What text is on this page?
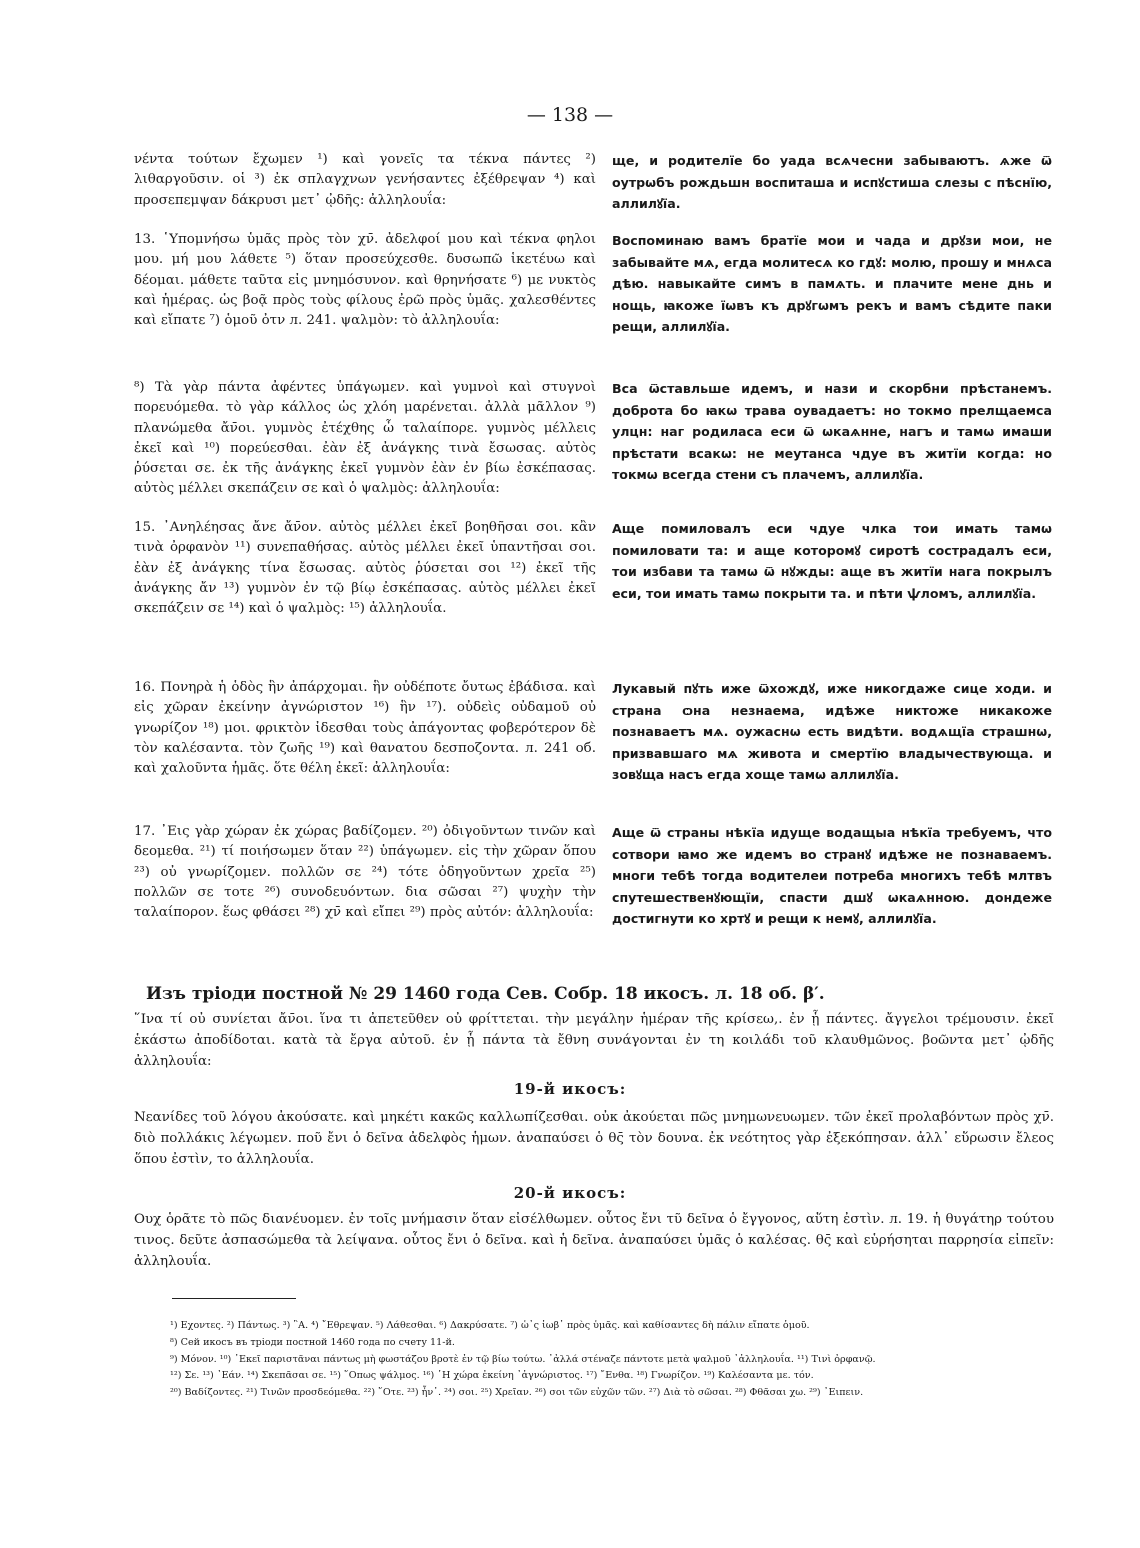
— 138 —

νέντα τούτων ἔχωμεν ¹) καὶ γονεῖς τα τέκνα πάντες ²) λιθαργοῦσιν. οἱ ³) ἐκ σπλαγχνων γενήσαντες ἐξέθρεψαν ⁴) καὶ προσεπεμψαν δάκρυσι μετ᾽ ᾠδῆς: ἀλληλουΐα:

13. ῾Υπομνήσω ὑμᾶς πρὸς τὸν χν̄. ἀδελφοί μου καὶ τέκνα φηλοι μου. μή μου λάθετε ⁵) ὅταν προσεύχεσθε. δυσωπῶ ἱκετέυω καὶ δέομαι. μάθετε ταῦτα εἰς μνημόσυνον. καὶ θρηνήσατε ⁶) με νυκτὸς καὶ ἡμέρας. ὡς βοᾷ πρὸς τοὺς φίλους ἐρῶ πρὸς ὑμᾶς. χαλεσθέντες καὶ εἴπατε ⁷) ὁμοῦ ὀτν л. 241. ψαλμὸν: τὸ ἀλληλουΐα:

⁸) Τὰ γὰρ πάντα ἀφέντες ὑπάγωμεν. καὶ γυμνοὶ καὶ στυγνοὶ πορευόμεθα. τὸ γὰρ κάλλος ὡς χλόη μαρένεται. ἀλλὰ μᾶλλον ⁹) πλανώμεθα ἄν̄οι. γυμνὸς ἐτέχθης ὦ ταλαίπορε. γυμνὸς μέλλεις ἐκεῖ καὶ ¹⁰) πορεύεσθαι. ἐὰν ἐξ ἀνάγκης τινὰ ἔσωσας. αὐτὸς ῥύσεται σε. ἐκ τῆς ἀνάγκης ἐκεῖ γυμνὸν ἐὰν ἐν βίω ἐσκέπασας. αὐτὸς μέλλει σκεπάζειν σε καὶ ὁ ψαλμὸς: ἀλληλουΐα:

15. ᾿Ανηλέησας ἄνε ἄν̄ον. αὐτὸς μέλλει ἐκεῖ βοηθῆσαι σοι. κἂν τινὰ ὀρφανὸν ¹¹) συνεπαθήσας. αὐτὸς μέλλει ἐκεῖ ὑπαντῆσαι σοι. ἐὰν ἐξ ἀνάγκης τίνα ἔσωσας. αὐτὸς ῥύσεται σοι ¹²) ἐκεῖ τῆς ἀνάγκης ἄν ¹³) γυμνὸν ἐν τῷ βίῳ ἐσκέπασας. αὐτὸς μέλλει ἐκεῖ σκεπάζειν σε ¹⁴) καὶ ὁ ψαλμὸς: ¹⁵) ἀλληλουΐα.

16. Πονηρὰ ἡ ὁδὸς ἣν ἀπάρχομαι. ἣν οὐδέποτε ὄυτως ἐβάδισα. καὶ εἰς χῶραν ἐκείνην ἀγνώριστον ¹⁶) ἣν ¹⁷). οὐδεὶς οὐδαμοῦ οὐ γνωρίζον ¹⁸) μοι. φρικτὸν ἰδεσθαι τοὺς ἀπάγοντας φοβερότερον δὲ τὸν καλέσαντα. τὸν ζωῆς ¹⁹) καὶ θανατου δεσποζοντα. л. 241 об. καὶ χαλοῦντα ἡμᾶς. ὅτε θέλη ἐκεῖ: ἀλληλουΐα:

17. ᾿Εις γὰρ χώραν ἐκ χώρας βαδίζομεν. ²⁰) ὀδιγοῦντων τινῶν καὶ δεομεθα. ²¹) τί ποιήσωμεν ὅταν ²²) ὑπάγωμεν. εἰς τὴν χῶραν ὅπου ²³) οὐ γνωρίζομεν. πολλῶν σε ²⁴) τότε ὀδηγοῦντων χρεῖα ²⁵) πολλῶν σε τοτε ²⁶) συνοδευόντων. δια σῶσαι ²⁷) ψυχὴν τὴν ταλαίπορον. ἕως φθάσει ²⁸) χν̄ καὶ εἴπει ²⁹) πρὸς αὐτόν: ἀλληλουΐα:

ще, и родителїе бо уада всѧчесни забываютъ. ѧже ѿ оутрѡбъ рождьшн воспиташа и испꙋстиша слезы с пѣснїю, аллилꙋїа.

Воспоминаю вамъ братїе мои и чада и дрꙋзи мои, не забывайте мѧ, егда молитесѧ ко гдꙋ: молю, прошу и мнѧса дѣю. навыкайте симъ в памѧть. и плачите мене днь и нощь, ꙗкоже їѡвъ къ дрꙋгѡмъ рекъ и вамъ сѣдите паки рещи, аллилꙋїа.

Вса ѿставльше идемъ, и нази и скорбни прѣстанемъ. доброта бо ꙗкѡ трава оувадаетъ: но токмо прелщаемса улцн: наг родиласа еси ѿ ѡкаѧнне, нагъ и тамѡ имаши прѣстати всакѡ: не меутанса чдуе въ житїи когда: но токмѡ всегда стени съ плачемъ, аллилꙋїа.

Аще помиловалъ еси чдуе члка тои имать тамѡ помиловати та: и аще которомꙋ сиротѣ сострадалъ еси, тои избави та тамѡ ѿ нꙋжды: аще въ житїи нага покрылъ еси, тои имать тамѡ покрыти та. и пѣти ѱломъ, аллилꙋїа.

Лукавый пꙋть иже ѿхождꙋ, иже никогдаже сице ходи. и страна ѻна незнаема, идѣже никтоже никакоже познаваетъ мѧ. оужаснѡ есть видѣти. водѧщїа страшнѡ, призвавшаго мѧ живота и смертїю владычествующа. и зовꙋща насъ егда хоще тамѡ аллилꙋїа.

Аще ѿ страны нѣкїа идуще водащыа нѣкїа требуемъ, что сотвори ꙗмо же идемъ во странꙋ идѣже не познаваемъ. многи тебѣ тогда водителеи потреба многихъ тебѣ млтвъ спутешественꙋющїи, спасти дшꙋ ѡкаѧнною. дондеже достигнути ко хртꙋ и рещи к немꙋ, аллилꙋїа.

Изъ тріоди постной № 29 1460 года Сев. Собр. 18 икосъ. л. 18 об. β′.
῞Ινα τί οὐ συνίεται ἄν̄οι. ἵνα τι ἀπετεῦθεν οὐ φρίττεται. τὴν μεγάλην ἡμέραν τῆς κρίσεω,. ἐν ᾗ πάντες. ἄγγελοι τρέμουσιν. ἐκεῖ ἑκάστω ἀποδίδοται. κατὰ τὰ ἔργα αὐτοῦ. ἐν ᾗ πάντα τὰ ἔθνη συνάγονται ἐν τη κοιλάδι τοῦ κλαυθμῶνος. βοῶντα μετ᾽ ᾠδῆς ἀλληλουΐα:
19-й икосъ:
Νεανίδες τοῦ λόγου ἀκούσατε. καὶ μηκέτι κακῶς καλλωπίζεσθαι. οὐκ ἀκούεται πῶς μνημωνευωμεν. τῶν ἐκεῖ προλαβόντων πρὸς χν̄. διὸ πολλάκις λέγωμεν. ποῦ ἔνι ὁ δεῖνα ἀδελφὸς ἡμων. ἀναπαύσει ὁ θς̄ τὸν δουνα. ἐκ νεότητος γὰρ ἐξεκόπησαν. ἀλλ᾽ εὕρωσιν ἔλεος ὅπου ἐστὶν, το ἀλληλουΐα.
20-й икосъ:
Ουχ ὁρᾶτε τὸ πῶς διανέυομεν. ἐν τοῖς μνήμασιν ὅταν εἰσέλθωμεν. οὗτος ἔνι τῦ δεῖνα ὁ ἔγγονος, αὕτη ἐστὶν. л. 19. ἡ θυγάτηρ τούτου τινος. δεῦτε ἀσπασώμεθα τὰ λείψανα. οὗτος ἔνι ὁ δεῖνα. καὶ ἡ δεῖνα. ἀναπαύσει ὑμᾶς ὁ καλέσας. θς̄ καὶ εὑρήσηται παρρησία εἰπεῖν: ἀλληλουΐα.

¹) Εχοντες. ²) Πάντως. ³) ῝Α. ⁴) ῎Εθρεψαν. ⁵) Λάθεσθαι. ⁶) Δακρύσατε. ⁷) ὡ᾽ς ἰωβ᾽ πρὸς ὑμᾶς. καὶ καθίσαντες δὴ πάλιν εἴπατε ὁμοῦ.

⁸) Сей икосъ въ тріоди постной 1460 года по счету 11-й.

⁹) Μόνον. ¹⁰) ᾿Εκεῖ παριστᾶναι πάντως μὴ φωστάζου βροτὲ ἐν τῷ βίω τούτω. ᾽ἀλλά στέναζε πάντοτε μετὰ ψαλμοῦ ᾽ἀλληλουΐα. ¹¹) Τινὶ ὀρφανῷ.

¹²) Σε. ¹³) ᾿Εάν. ¹⁴) Σκεπᾶσαι σε. ¹⁵) ῞Οπως ψάλμος. ¹⁶) ῾Η χώρα ἐκείνη ᾽ἀγνώριστος. ¹⁷) ῎Ενθα. ¹⁸) Γνωρίζον. ¹⁹) Καλέσαντα με. τόν.

²⁰) Βαδίζοντες. ²¹) Τινῶν προσδεόμεθα. ²²) ῞Οτε. ²³) ἦν᾽. ²⁴) σοι. ²⁵) Χρεῖαν. ²⁶) σοι τῶν εὐχῶν τῶν. ²⁷) Διὰ τὸ σῶσαι. ²⁸) Φθᾶσαι χω. ²⁹) ᾿Ειπειν.
